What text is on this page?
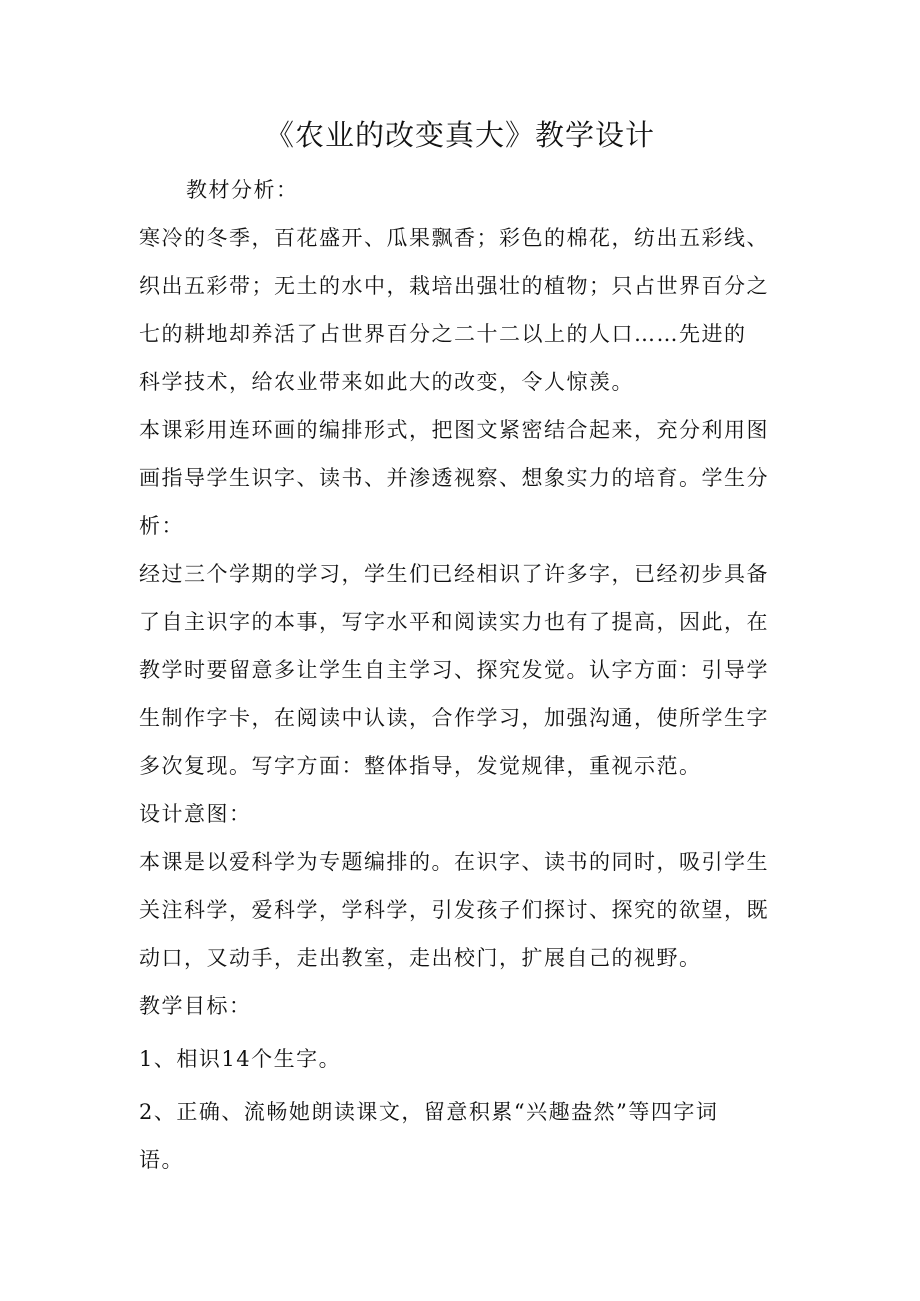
《农业的改变真大》教学设计

教材分析：

寒冷的冬季，百花盛开、瓜果飘香；彩色的棉花，纺出五彩线、

织出五彩带；无土的水中，栽培出强壮的植物；只占世界百分之

七的耕地却养活了占世界百分之二十二以上的人口……先进的

科学技术，给农业带来如此大的改变，令人惊羡。

本课彩用连环画的编排形式，把图文紧密结合起来，充分利用图

画指导学生识字、读书、并渗透视察、想象实力的培育。学生分

析：

经过三个学期的学习，学生们已经相识了许多字，已经初步具备

了自主识字的本事，写字水平和阅读实力也有了提高，因此，在

教学时要留意多让学生自主学习、探究发觉。认字方面：引导学

生制作字卡，在阅读中认读，合作学习，加强沟通，使所学生字

多次复现。写字方面：整体指导，发觉规律，重视示范。

设计意图：

本课是以爱科学为专题编排的。在识字、读书的同时，吸引学生

关注科学，爱科学，学科学，引发孩子们探讨、探究的欲望，既

动口，又动手，走出教室，走出校门，扩展自己的视野。

教学目标：

1、相识14个生字。

2、正确、流畅她朗读课文，留意积累“兴趣盎然”等四字词

语。
